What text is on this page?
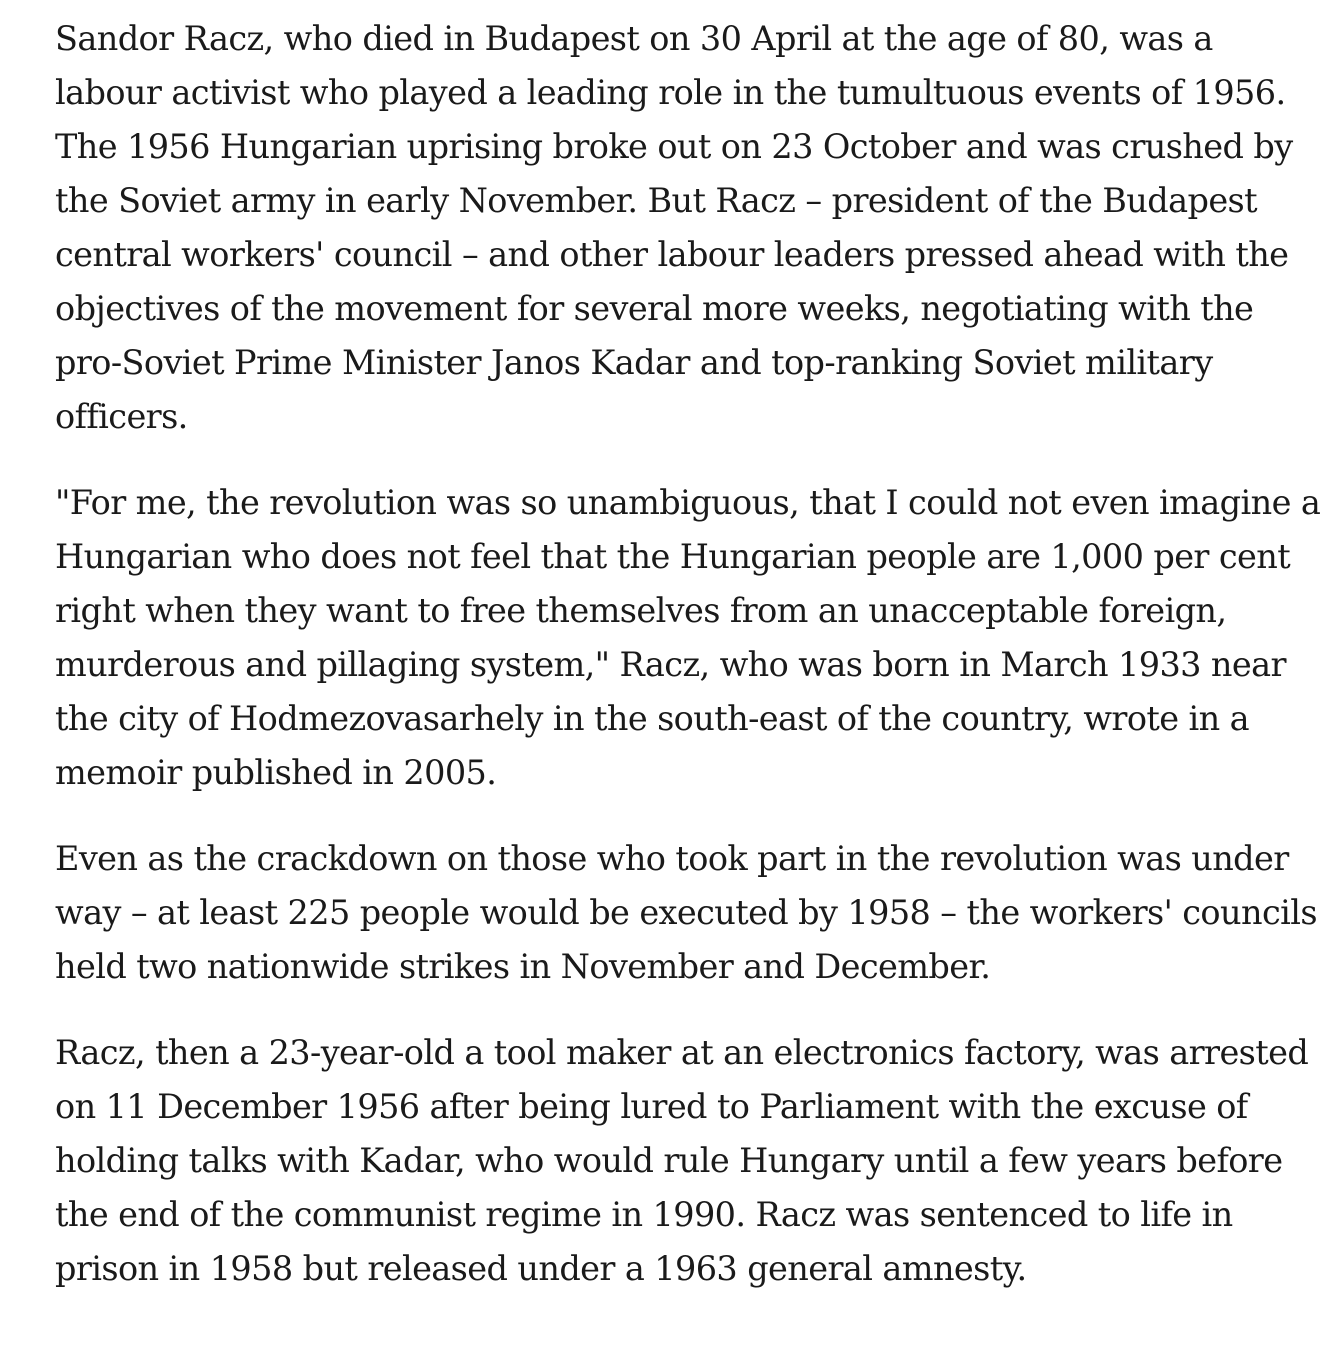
Sandor Racz, who died in Budapest on 30 April at the age of 80, was a labour activist who played a leading role in the tumultuous events of 1956. The 1956 Hungarian uprising broke out on 23 October and was crushed by the Soviet army in early November. But Racz – president of the Budapest central workers' council – and other labour leaders pressed ahead with the objectives of the movement for several more weeks, negotiating with the pro-Soviet Prime Minister Janos Kadar and top-ranking Soviet military officers.

"For me, the revolution was so unambiguous, that I could not even imagine a Hungarian who does not feel that the Hungarian people are 1,000 per cent right when they want to free themselves from an unacceptable foreign, murderous and pillaging system," Racz, who was born in March 1933 near the city of Hodmezovasarhely in the south-east of the country, wrote in a memoir published in 2005.

Even as the crackdown on those who took part in the revolution was under way – at least 225 people would be executed by 1958 – the workers' councils held two nationwide strikes in November and December.

Racz, then a 23-year-old a tool maker at an electronics factory, was arrested on 11 December 1956 after being lured to Parliament with the excuse of holding talks with Kadar, who would rule Hungary until a few years before the end of the communist regime in 1990. Racz was sentenced to life in prison in 1958 but released under a 1963 general amnesty.
